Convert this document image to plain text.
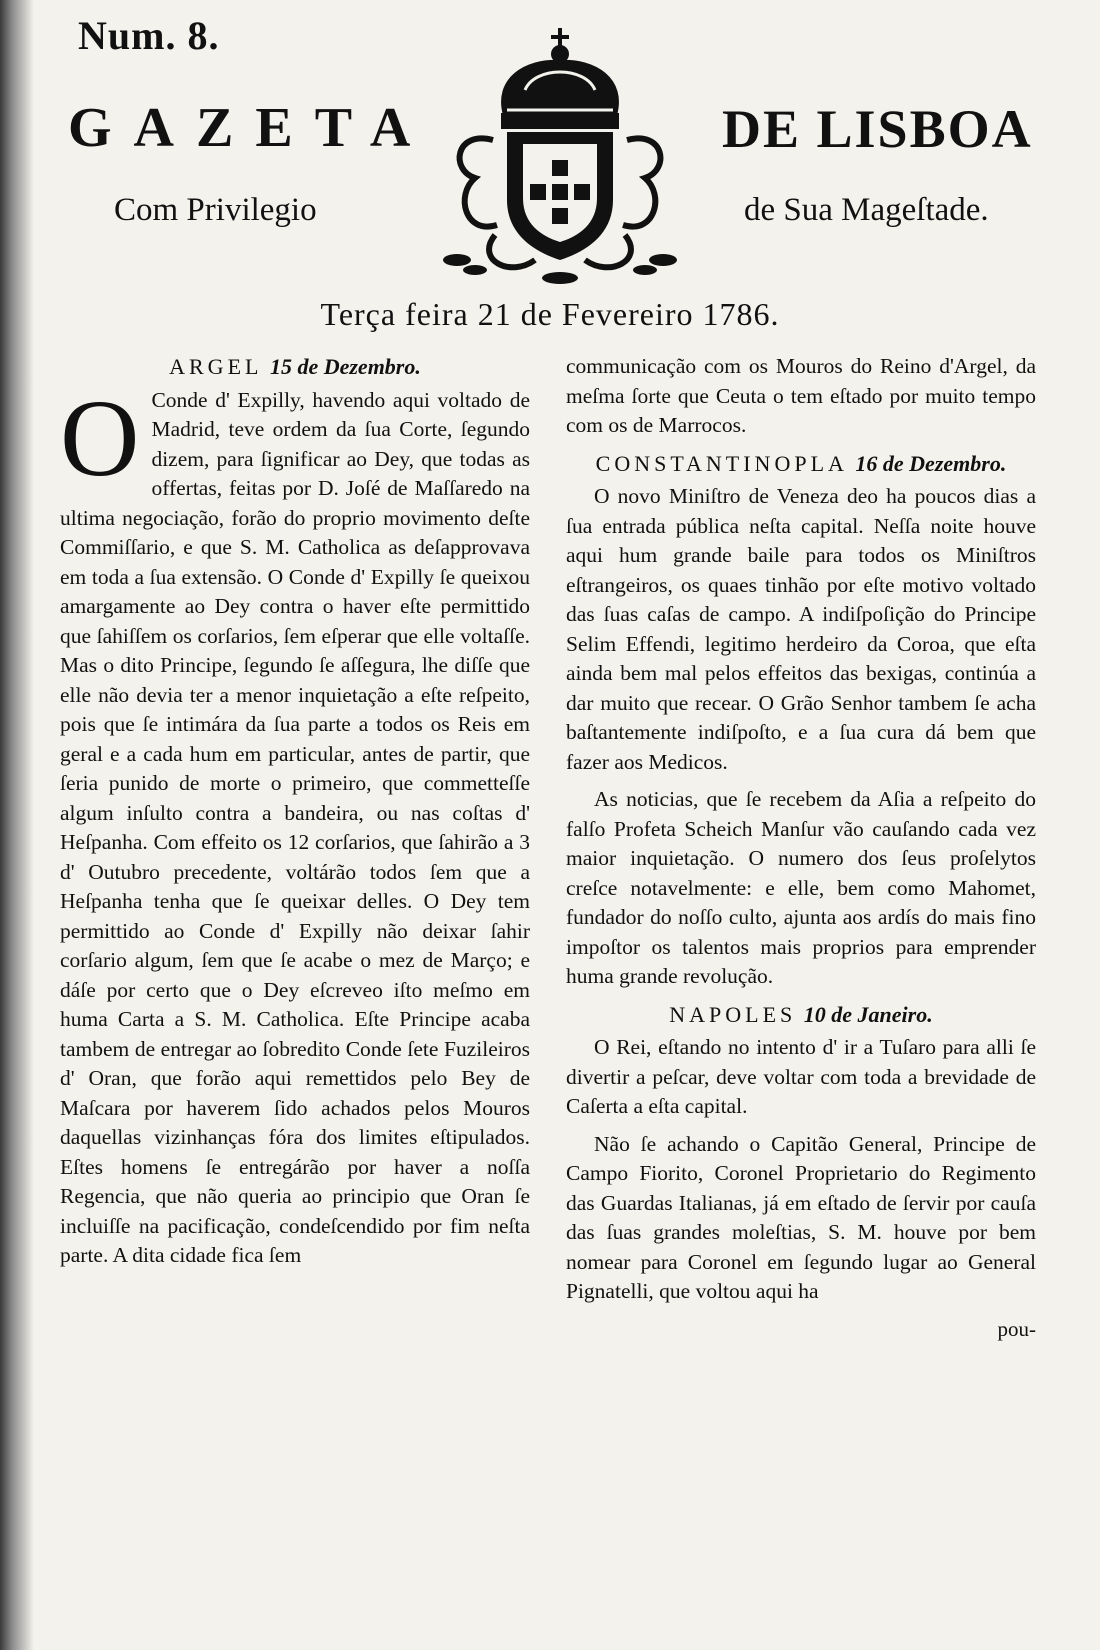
Num. 8.
GAZETA	DE LISBOA
Com Privilegio	de Sua Mageſtade.
Terça feira 21 de Fevereiro 1786.
ARGEL 15 de Dezembro.

O Conde d' Expilly, havendo aqui voltado de Madrid, teve ordem da ſua Corte, ſegundo dizem, para ſignificar ao Dey, que todas as offertas, feitas por D. Joſé de Maſſaredo na ultima negociação, forão do proprio movimento deſte Commiſſario, e que S. M. Catholica as deſapprovava em toda a ſua extensão. O Conde d' Expilly ſe queixou amargamente ao Dey contra o haver eſte permittido que ſahiſſem os corſarios, ſem eſperar que elle voltaſſe. Mas o dito Principe, ſegundo ſe aſſegura, lhe diſſe que elle não devia ter a menor inquietação a eſte reſpeito, pois que ſe intimára da ſua parte a todos os Reis em geral e a cada hum em particular, antes de partir, que ſeria punido de morte o primeiro, que commetteſſe algum inſulto contra a bandeira, ou nas coſtas d' Heſpanha. Com effeito os 12 corſarios, que ſahirão a 3 d' Outubro precedente, voltárão todos ſem que a Heſpanha tenha que ſe queixar delles. O Dey tem permittido ao Conde d' Expilly não deixar ſahir corſario algum, ſem que ſe acabe o mez de Março; e dáſe por certo que o Dey eſcreveo iſto meſmo em huma Carta a S. M. Catholica. Eſte Principe acaba tambem de entregar ao ſobredito Conde ſete Fuzileiros d' Oran, que forão aqui remettidos pelo Bey de Maſcara por haverem ſido achados pelos Mouros daquellas vizinhanças fóra dos limites eſtipulados. Eſtes homens ſe entregárão por haver a noſſa Regencia, que não queria ao principio que Oran ſe incluiſſe na pacificação, condeſcendido por fim neſta parte. A dita cidade fica ſem

communicação com os Mouros do Reino d'Argel, da meſma ſorte que Ceuta o tem eſtado por muito tempo com os de Marrocos.

CONSTANTINOPLA 16 de Dezembro.

O novo Miniſtro de Veneza deo ha poucos dias a ſua entrada pública neſta capital. Neſſa noite houve aqui hum grande baile para todos os Miniſtros eſtrangeiros, os quaes tinhão por eſte motivo voltado das ſuas caſas de campo. A indiſpoſição do Principe Selim Effendi, legitimo herdeiro da Coroa, que eſta ainda bem mal pelos effeitos das bexigas, continúa a dar muito que recear. O Grão Senhor tambem ſe acha baſtantemente indiſpoſto, e a ſua cura dá bem que fazer aos Medicos.

As noticias, que ſe recebem da Aſia a reſpeito do falſo Profeta Scheich Manſur vão cauſando cada vez maior inquietação. O numero dos ſeus proſelytos creſce notavelmente: e elle, bem como Mahomet, fundador do noſſo culto, ajunta aos ardís do mais fino impoſtor os talentos mais proprios para emprender huma grande revolução.

NAPOLES 10 de Janeiro.

O Rei, eſtando no intento d' ir a Tuſaro para alli ſe divertir a peſcar, deve voltar com toda a brevidade de Caſerta a eſta capital.

Não ſe achando o Capitão General, Principe de Campo Fiorito, Coronel Proprietario do Regimento das Guardas Italianas, já em eſtado de ſervir por cauſa das ſuas grandes moleſtias, S. M. houve por bem nomear para Coronel em ſegundo lugar ao General Pignatelli, que voltou aqui ha

pou-
